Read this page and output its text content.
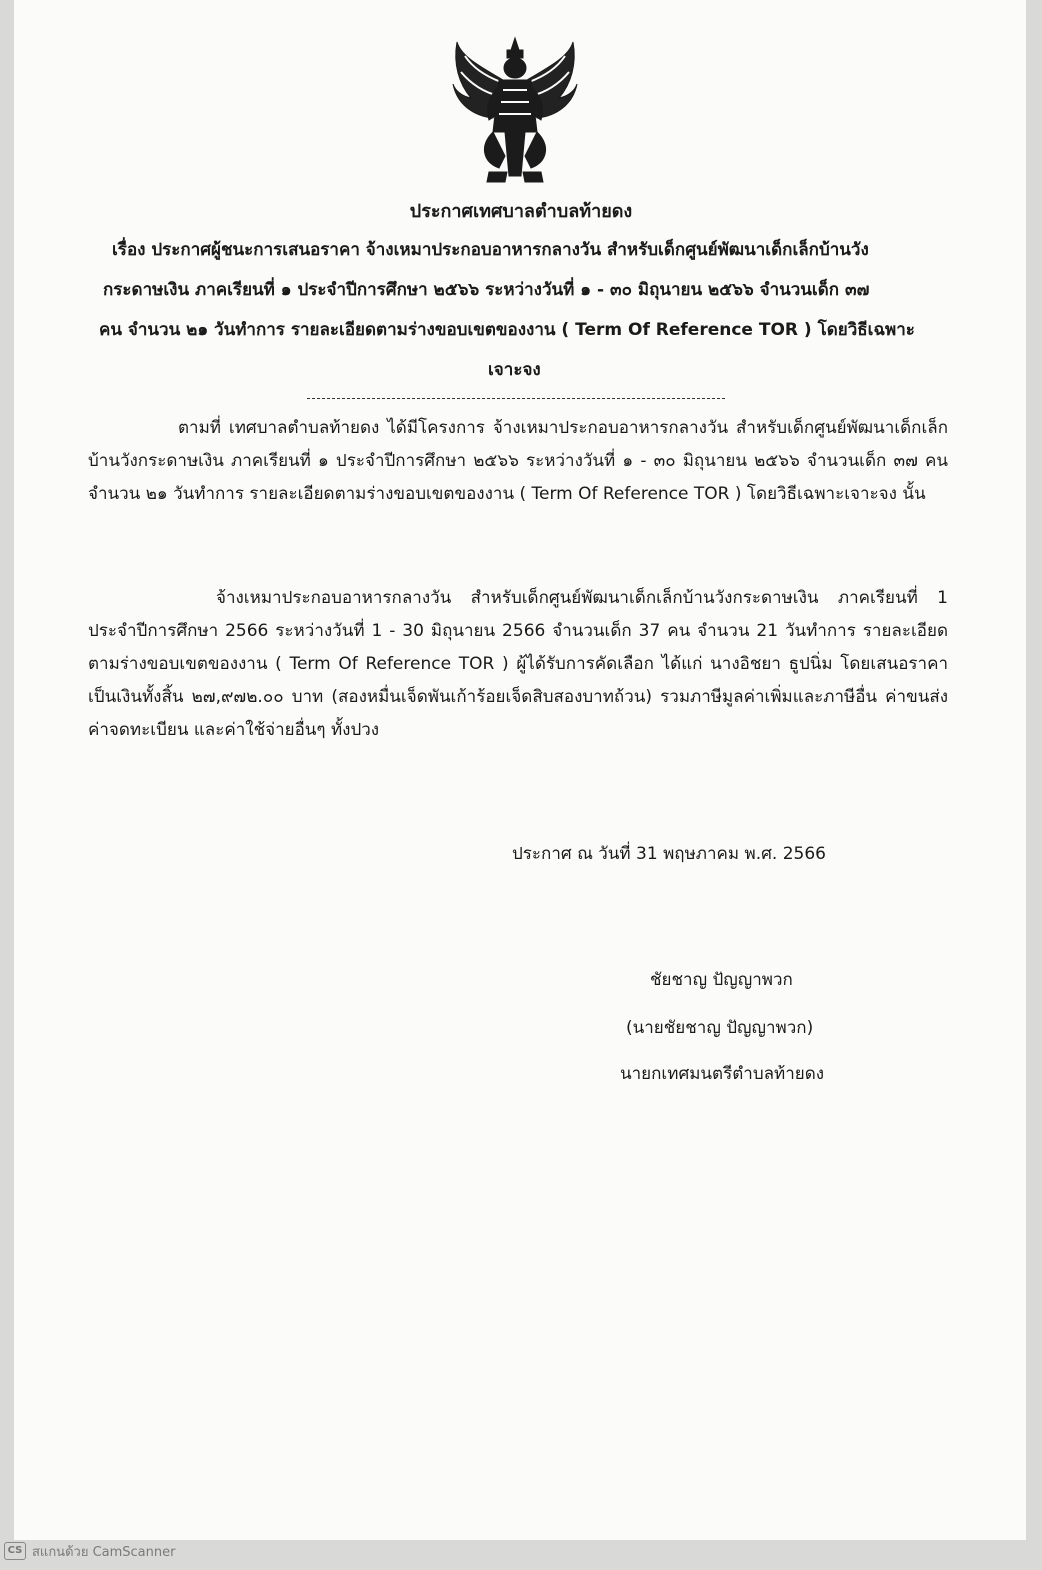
ประกาศเทศบาลตำบลท้ายดง
เรื่อง ประกาศผู้ชนะการเสนอราคา จ้างเหมาประกอบอาหารกลางวัน สำหรับเด็กศูนย์พัฒนาเด็กเล็กบ้านวัง
กระดาษเงิน ภาคเรียนที่ ๑ ประจำปีการศึกษา ๒๕๖๖ ระหว่างวันที่ ๑ - ๓๐ มิถุนายน ๒๕๖๖ จำนวนเด็ก ๓๗
คน จำนวน ๒๑ วันทำการ รายละเอียดตามร่างขอบเขตของงาน ( Term Of Reference TOR ) โดยวิธีเฉพาะ
เจาะจง

ตามที่ เทศบาลตำบลท้ายดง ได้มีโครงการ จ้างเหมาประกอบอาหารกลางวัน สำหรับเด็กศูนย์พัฒนาเด็กเล็กบ้านวังกระดาษเงิน ภาคเรียนที่ ๑ ประจำปีการศึกษา ๒๕๖๖ ระหว่างวันที่ ๑ - ๓๐ มิถุนายน ๒๕๖๖ จำนวนเด็ก ๓๗ คน จำนวน ๒๑ วันทำการ รายละเอียดตามร่างขอบเขตของงาน ( Term Of Reference TOR ) โดยวิธีเฉพาะเจาะจง นั้น

จ้างเหมาประกอบอาหารกลางวัน สำหรับเด็กศูนย์พัฒนาเด็กเล็กบ้านวังกระดาษเงิน ภาคเรียนที่ 1 ประจำปีการศึกษา 2566 ระหว่างวันที่ 1 - 30 มิถุนายน 2566 จำนวนเด็ก 37 คน จำนวน 21 วันทำการ รายละเอียดตามร่างขอบเขตของงาน ( Term Of Reference TOR ) ผู้ได้รับการคัดเลือก ได้แก่ นางอิชยา ธูปนิ่ม โดยเสนอราคา เป็นเงินทั้งสิ้น ๒๗,๙๗๒.๐๐ บาท (สองหมื่นเจ็ดพันเก้าร้อยเจ็ดสิบสองบาทถ้วน) รวมภาษีมูลค่าเพิ่มและภาษีอื่น ค่าขนส่ง ค่าจดทะเบียน และค่าใช้จ่ายอื่นๆ ทั้งปวง

ประกาศ ณ วันที่ 31 พฤษภาคม พ.ศ. 2566
ชัยชาญ ปัญญาพวก
(นายชัยชาญ ปัญญาพวก)
นายกเทศมนตรีตำบลท้ายดง
CS สแกนด้วย CamScanner
